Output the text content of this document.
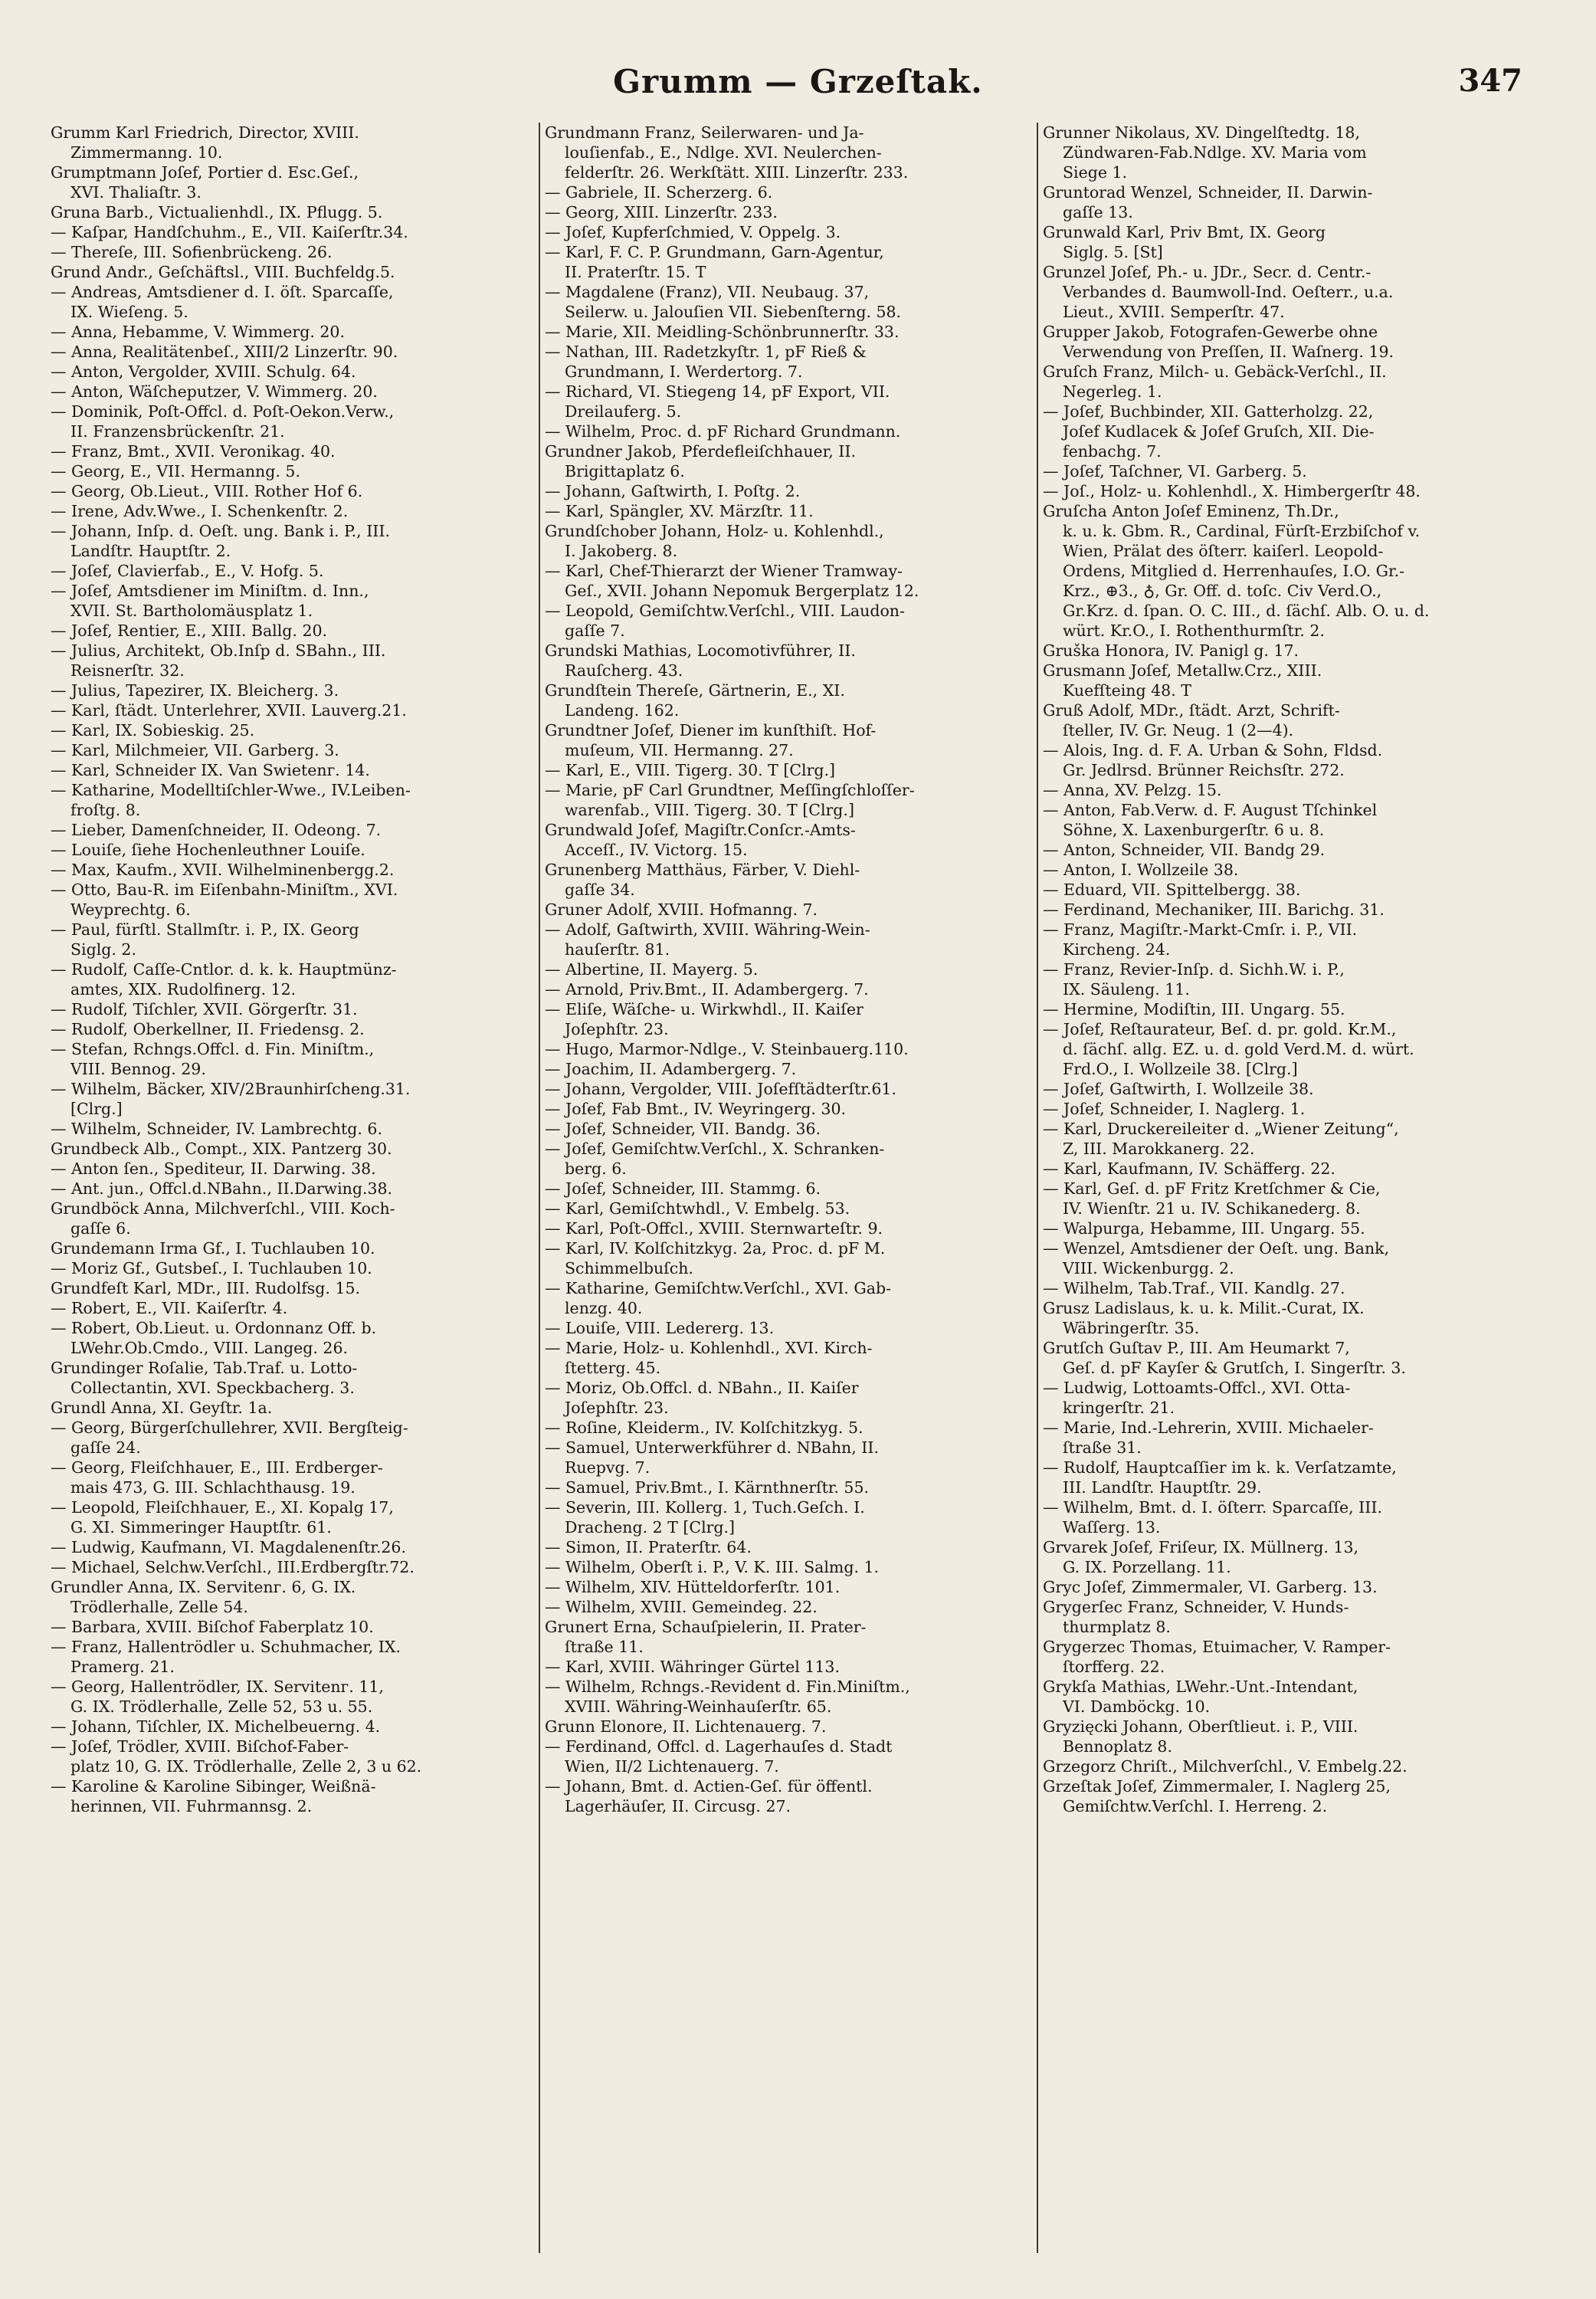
Grumm — Grzeſtak.	347
Grumm Karl Friedrich, Director, XVIII.
Zimmermanng. 10.
Grumptmann Joſef, Portier d. Esc.Geſ.,
XVI. Thaliaſtr. 3.
Gruna Barb., Victualienhdl., IX. Pflugg. 5.
— Kaſpar, Handſchuhm., E., VII. Kaiſerſtr.34.
— Thereſe, III. Sofienbrückeng. 26.
Grund Andr., Geſchäftsl., VIII. Buchfeldg.5.
— Andreas, Amtsdiener d. I. öſt. Sparcaſſe,
IX. Wieſeng. 5.
— Anna, Hebamme, V. Wimmerg. 20.
— Anna, Realitätenbeſ., XIII/2 Linzerſtr. 90.
— Anton, Vergolder, XVIII. Schulg. 64.
— Anton, Wäſcheputzer, V. Wimmerg. 20.
— Dominik, Poſt-Offcl. d. Poſt-Oekon.Verw.,
II. Franzensbrückenſtr. 21.
— Franz, Bmt., XVII. Veronikag. 40.
— Georg, E., VII. Hermanng. 5.
— Georg, Ob.Lieut., VIII. Rother Hof 6.
— Irene, Adv.Wwe., I. Schenkenſtr. 2.
— Johann, Inſp. d. Oeſt. ung. Bank i. P., III.
Landſtr. Hauptſtr. 2.
— Joſef, Clavierfab., E., V. Hofg. 5.
— Joſef, Amtsdiener im Miniſtm. d. Inn.,
XVII. St. Bartholomäusplatz 1.
— Joſef, Rentier, E., XIII. Ballg. 20.
— Julius, Architekt, Ob.Inſp d. SBahn., III.
Reisnerſtr. 32.
— Julius, Tapezirer, IX. Bleicherg. 3.
— Karl, ſtädt. Unterlehrer, XVII. Lauverg.21.
— Karl, IX. Sobieskig. 25.
— Karl, Milchmeier, VII. Garberg. 3.
— Karl, Schneider IX. Van Swietenг. 14.
— Katharine, Modelltiſchler-Wwe., IV.Leiben-
froſtg. 8.
— Lieber, Damenſchneider, II. Odeong. 7.
— Louiſe, ſiehe Hochenleuthner Louiſe.
— Max, Kaufm., XVII. Wilhelminenbergg.2.
— Otto, Bau-R. im Eiſenbahn-Miniſtm., XVI.
Weyprechtg. 6.
— Paul, fürſtl. Stallmſtr. i. P., IX. Georg
Siglg. 2.
— Rudolf, Caſſe-Cntlor. d. k. k. Hauptmünz-
amtes, XIX. Rudolfinerg. 12.
— Rudolf, Tiſchler, XVII. Görgerſtr. 31.
— Rudolf, Oberkellner, II. Friedensg. 2.
— Stefan, Rchngs.Offcl. d. Fin. Miniſtm.,
VIII. Bennog. 29.
— Wilhelm, Bäcker, XIV/2Braunhirſcheng.31.
[Clrg.]
— Wilhelm, Schneider, IV. Lambrechtg. 6.
Grundbeck Alb., Compt., XIX. Pantzerg 30.
— Anton ſen., Spediteur, II. Darwing. 38.
— Ant. jun., Offcl.d.NBahn., II.Darwing.38.
Grundböck Anna, Milchverſchl., VIII. Koch-
gaſſe 6.
Grundemann Irma Gf., I. Tuchlauben 10.
— Moriz Gf., Gutsbeſ., I. Tuchlauben 10.
Grundfeſt Karl, MDr., III. Rudolfsg. 15.
— Robert, E., VII. Kaiſerſtr. 4.
— Robert, Ob.Lieut. u. Ordonnanz Off. b.
LWehr.Ob.Cmdo., VIII. Langeg. 26.
Grundinger Roſalie, Tab.Traf. u. Lotto-
Collectantin, XVI. Speckbacherg. 3.
Grundl Anna, XI. Geyſtr. 1a.
— Georg, Bürgerſchullehrer, XVII. Bergſteig-
gaſſe 24.
— Georg, Fleiſchhauer, E., III. Erdberger-
mais 473, G. III. Schlachthausg. 19.
— Leopold, Fleiſchhauer, E., XI. Kopalg 17,
G. XI. Simmeringer Hauptſtr. 61.
— Ludwig, Kaufmann, VI. Magdalenenſtr.26.
— Michael, Selchw.Verſchl., III.Erdbergſtr.72.
Grundler Anna, IX. Servitenг. 6, G. IX.
Trödlerhalle, Zelle 54.
— Barbara, XVIII. Biſchof Faberplatz 10.
— Franz, Hallentrödler u. Schuhmacher, IX.
Pramerg. 21.
— Georg, Hallentrödler, IX. Servitenг. 11,
G. IX. Trödlerhalle, Zelle 52, 53 u. 55.
— Johann, Tiſchler, IX. Michelbeuerng. 4.
— Joſef, Trödler, XVIII. Biſchof-Faber-
platz 10, G. IX. Trödlerhalle, Zelle 2, 3 u 62.
— Karoline & Karoline Sibinger, Weißnä-
herinnen, VII. Fuhrmannsg. 2.
Grundmann Franz, Seilerwaren- und Ja-
louſienfab., E., Ndlge. XVI. Neulerchen-
felderſtr. 26. Werkſtätt. XIII. Linzerſtr. 233.
— Gabriele, II. Scherzerg. 6.
— Georg, XIII. Linzerſtr. 233.
— Joſef, Kupferſchmied, V. Oppelg. 3.
— Karl, F. C. P. Grundmann, Garn-Agentur,
II. Praterſtr. 15. T
— Magdalene (Franz), VII. Neubaug. 37,
Seilerw. u. Jalouſien VII. Siebenſterng. 58.
— Marie, XII. Meidling-Schönbrunnerſtr. 33.
— Nathan, III. Radetzkyſtr. 1, pF Rieß &
Grundmann, I. Werdertorg. 7.
— Richard, VI. Stiegeng 14, pF Export, VII.
Dreilauferg. 5.
— Wilhelm, Proc. d. pF Richard Grundmann.
Grundner Jakob, Pferdefleiſchhauer, II.
Brigittaplatz 6.
— Johann, Gaſtwirth, I. Poſtg. 2.
— Karl, Spängler, XV. Märzſtr. 11.
Grundſchober Johann, Holz- u. Kohlenhdl.,
I. Jakoberg. 8.
— Karl, Chef-Thierarzt der Wiener Tramway-
Geſ., XVII. Johann Nepomuk Bergerplatz 12.
— Leopold, Gemiſchtw.Verſchl., VIII. Laudon-
gaſſe 7.
Grundski Mathias, Locomotivführer, II.
Rauſcherg. 43.
Grundſtein Thereſe, Gärtnerin, E., XI.
Landeng. 162.
Grundtner Joſef, Diener im kunſthiſt. Hof-
muſeum, VII. Hermanng. 27.
— Karl, E., VIII. Tigerg. 30. T [Clrg.]
— Marie, pF Carl Grundtner, Meſſingſchloſſer-
warenfab., VIII. Tigerg. 30. T [Clrg.]
Grundwald Joſef, Magiſtr.Conſcr.-Amts-
Acceſſ., IV. Victorg. 15.
Grunenberg Matthäus, Färber, V. Diehl-
gaſſe 34.
Gruner Adolf, XVIII. Hofmanng. 7.
— Adolf, Gaſtwirth, XVIII. Währing-Wein-
hauſerſtr. 81.
— Albertine, II. Mayerg. 5.
— Arnold, Priv.Bmt., II. Adambergerg. 7.
— Eliſe, Wäſche- u. Wirkwhdl., II. Kaiſer
Joſephſtr. 23.
— Hugo, Marmor-Ndlge., V. Steinbauerg.110.
— Joachim, II. Adambergerg. 7.
— Johann, Vergolder, VIII. Joſefſtädterſtr.61.
— Joſef, Fab Bmt., IV. Weyringerg. 30.
— Joſef, Schneider, VII. Bandg. 36.
— Joſef, Gemiſchtw.Verſchl., X. Schranken-
berg. 6.
— Joſef, Schneider, III. Stammg. 6.
— Karl, Gemiſchtwhdl., V. Embelg. 53.
— Karl, Poſt-Offcl., XVIII. Sternwarteſtr. 9.
— Karl, IV. Kolſchitzkyg. 2a, Proc. d. pF M.
Schimmelbuſch.
— Katharine, Gemiſchtw.Verſchl., XVI. Gab-
lenzg. 40.
— Louiſe, VIII. Ledererg. 13.
— Marie, Holz- u. Kohlenhdl., XVI. Kirch-
ſtetterg. 45.
— Moriz, Ob.Offcl. d. NBahn., II. Kaiſer
Joſephſtr. 23.
— Roſine, Kleiderm., IV. Kolſchitzkyg. 5.
— Samuel, Unterwerkführer d. NBahn, II.
Ruepvg. 7.
— Samuel, Priv.Bmt., I. Kärnthnerſtr. 55.
— Severin, III. Kollerg. 1, Tuch.Geſch. I.
Dracheng. 2 T [Clrg.]
— Simon, II. Praterſtr. 64.
— Wilhelm, Oberſt i. P., V. K. III. Salmg. 1.
— Wilhelm, XIV. Hütteldorferſtr. 101.
— Wilhelm, XVIII. Gemeindeg. 22.
Grunert Erna, Schauſpielerin, II. Prater-
ſtraße 11.
— Karl, XVIII. Währinger Gürtel 113.
— Wilhelm, Rchngs.-Revident d. Fin.Miniſtm.,
XVIII. Währing-Weinhauſerſtr. 65.
Grunn Elonore, II. Lichtenauerg. 7.
— Ferdinand, Offcl. d. Lagerhauſes d. Stadt
Wien, II/2 Lichtenauerg. 7.
— Johann, Bmt. d. Actien-Geſ. für öffentl.
Lagerhäuſer, II. Circusg. 27.
Grunner Nikolaus, XV. Dingelſtedtg. 18,
Zündwaren-Fab.Ndlge. XV. Maria vom
Siege 1.
Gruntorad Wenzel, Schneider, II. Darwin-
gaſſe 13.
Grunwald Karl, Priv Bmt, IX. Georg
Siglg. 5. [St]
Grunzel Joſef, Ph.- u. JDr., Secr. d. Centr.-
Verbandes d. Baumwoll-Ind. Oeſterr., u.a.
Lieut., XVIII. Semperſtr. 47.
Grupper Jakob, Fotografen-Gewerbe ohne
Verwendung von Preſſen, II. Waſnerg. 19.
Gruſch Franz, Milch- u. Gebäck-Verſchl., II.
Negerleg. 1.
— Joſef, Buchbinder, XII. Gatterholzg. 22,
Joſef Kudlacek & Joſef Gruſch, XII. Die-
fenbachg. 7.
— Joſef, Taſchner, VI. Garberg. 5.
— Joſ., Holz- u. Kohlenhdl., X. Himbergerſtr 48.
Gruſcha Anton Joſef Eminenz, Th.Dr.,
k. u. k. Gbm. R., Cardinal, Fürſt-Erzbiſchof v.
Wien, Prälat des öſterr. kaiſerl. Leopold-
Ordens, Mitglied d. Herrenhauſes, I.O. Gr.-
Krz., ⊕3., ♁, Gr. Off. d. toſc. Civ Verd.O.,
Gr.Krz. d. ſpan. O. C. III., d. ſächſ. Alb. O. u. d.
würt. Kr.O., I. Rothenthurmſtr. 2.
Gruška Honora, IV. Panigl g. 17.
Grusmann Joſef, Metallw.Crz., XIII.
Kuefſteing 48. T
Gruß Adolf, MDr., ſtädt. Arzt, Schrift-
ſteller, IV. Gr. Neug. 1 (2—4).
— Alois, Ing. d. F. A. Urban & Sohn, Fldsd.
Gr. Jedlrsd. Brünner Reichsſtr. 272.
— Anna, XV. Pelzg. 15.
— Anton, Fab.Verw. d. F. August Tſchinkel
Söhne, X. Laxenburgerſtr. 6 u. 8.
— Anton, Schneider, VII. Bandg 29.
— Anton, I. Wollzeile 38.
— Eduard, VII. Spittelbergg. 38.
— Ferdinand, Mechaniker, III. Barichg. 31.
— Franz, Magiſtr.-Markt-Cmſr. i. P., VII.
Kircheng. 24.
— Franz, Revier-Inſp. d. Sichh.W. i. P.,
IX. Säuleng. 11.
— Hermine, Modiſtin, III. Ungarg. 55.
— Joſef, Reſtaurateur, Beſ. d. pr. gold. Kr.M.,
d. ſächſ. allg. EZ. u. d. gold Verd.M. d. würt.
Frd.O., I. Wollzeile 38. [Clrg.]
— Joſef, Gaſtwirth, I. Wollzeile 38.
— Joſef, Schneider, I. Naglerg. 1.
— Karl, Druckereileiter d. „Wiener Zeitung“,
Z, III. Marokkanerg. 22.
— Karl, Kaufmann, IV. Schäfferg. 22.
— Karl, Geſ. d. pF Fritz Kretſchmer & Cie,
IV. Wienſtr. 21 u. IV. Schikanederg. 8.
— Walpurga, Hebamme, III. Ungarg. 55.
— Wenzel, Amtsdiener der Oeſt. ung. Bank,
VIII. Wickenburgg. 2.
— Wilhelm, Tab.Traf., VII. Kandlg. 27.
Grusz Ladislaus, k. u. k. Milit.-Curat, IX.
Wäbringerſtr. 35.
Grutſch Guſtav P., III. Am Heumarkt 7,
Geſ. d. pF Kayſer & Grutſch, I. Singerſtr. 3.
— Ludwig, Lottoamts-Offcl., XVI. Otta-
kringerſtr. 21.
— Marie, Ind.-Lehrerin, XVIII. Michaeler-
ſtraße 31.
— Rudolf, Hauptcaſſier im k. k. Verſatzamte,
III. Landſtr. Hauptſtr. 29.
— Wilhelm, Bmt. d. I. öſterr. Sparcaſſe, III.
Waſſerg. 13.
Grvarek Joſef, Friſeur, IX. Müllnerg. 13,
G. IX. Porzellang. 11.
Gryc Joſef, Zimmermaler, VI. Garberg. 13.
Grygerſec Franz, Schneider, V. Hunds-
thurmplatz 8.
Grygerzec Thomas, Etuimacher, V. Ramper-
ſtorfferg. 22.
Grykſa Mathias, LWehr.-Unt.-Intendant,
VI. Damböckg. 10.
Gryzięcki Johann, Oberſtlieut. i. P., VIII.
Bennoplatz 8.
Grzegorz Chriſt., Milchverſchl., V. Embelg.22.
Grzeſtak Joſef, Zimmermaler, I. Naglerg 25,
Gemiſchtw.Verſchl. I. Herreng. 2.
